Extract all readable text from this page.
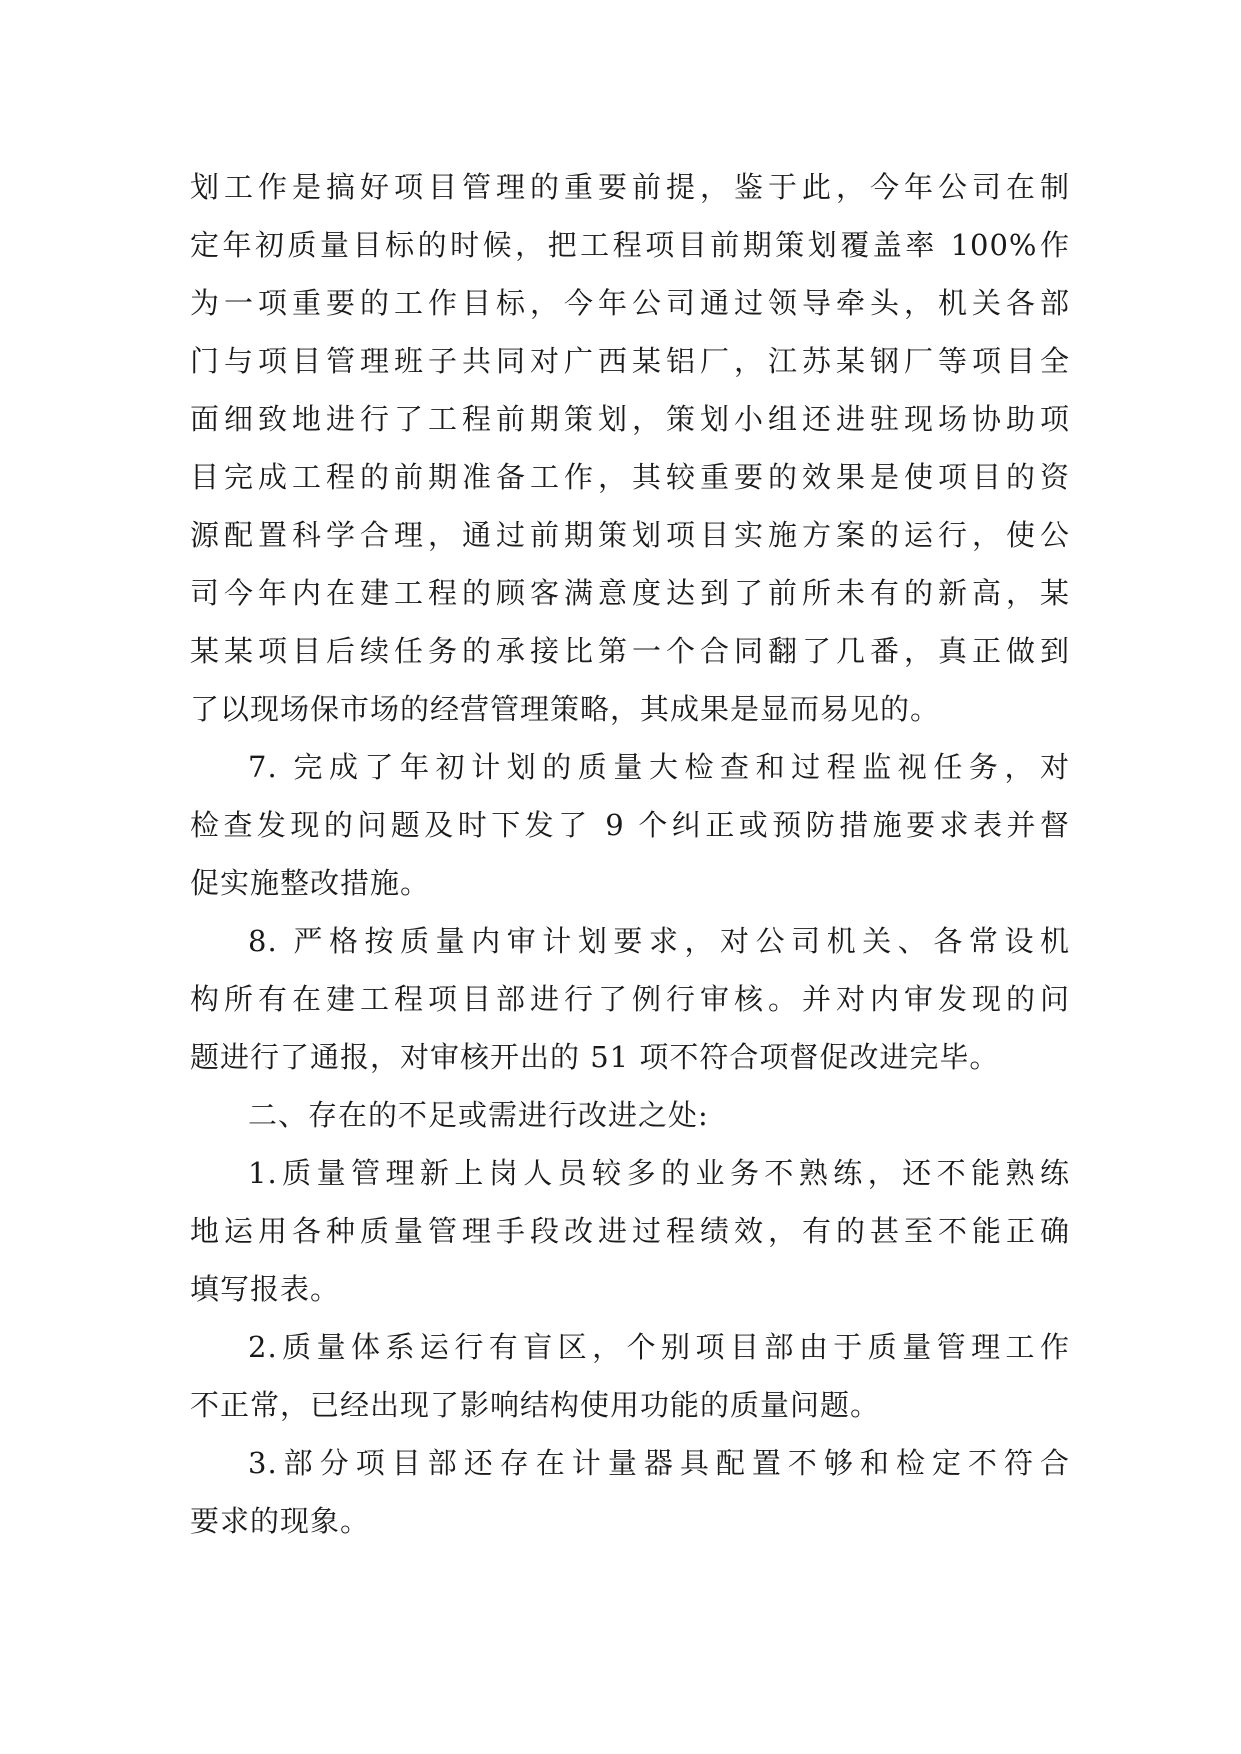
划工作是搞好项目管理的重要前提，鉴于此，今年公司在制
定年初质量目标的时候，把工程项目前期策划覆盖率 100%作
为一项重要的工作目标，今年公司通过领导牵头，机关各部
门与项目管理班子共同对广西某铝厂，江苏某钢厂等项目全
面细致地进行了工程前期策划，策划小组还进驻现场协助项
目完成工程的前期准备工作，其较重要的效果是使项目的资
源配置科学合理，通过前期策划项目实施方案的运行，使公
司今年内在建工程的顾客满意度达到了前所未有的新高，某
某某项目后续任务的承接比第一个合同翻了几番，真正做到
了以现场保市场的经营管理策略，其成果是显而易见的。
7. 完成了年初计划的质量大检查和过程监视任务，对
检查发现的问题及时下发了 9 个纠正或预防措施要求表并督
促实施整改措施。
8. 严格按质量内审计划要求，对公司机关、各常设机
构所有在建工程项目部进行了例行审核。并对内审发现的问
题进行了通报，对审核开出的 51 项不符合项督促改进完毕。
二、存在的不足或需进行改进之处:
1.质量管理新上岗人员较多的业务不熟练，还不能熟练
地运用各种质量管理手段改进过程绩效，有的甚至不能正确
填写报表。
2.质量体系运行有盲区，个别项目部由于质量管理工作
不正常，已经出现了影响结构使用功能的质量问题。
3.部分项目部还存在计量器具配置不够和检定不符合
要求的现象。
